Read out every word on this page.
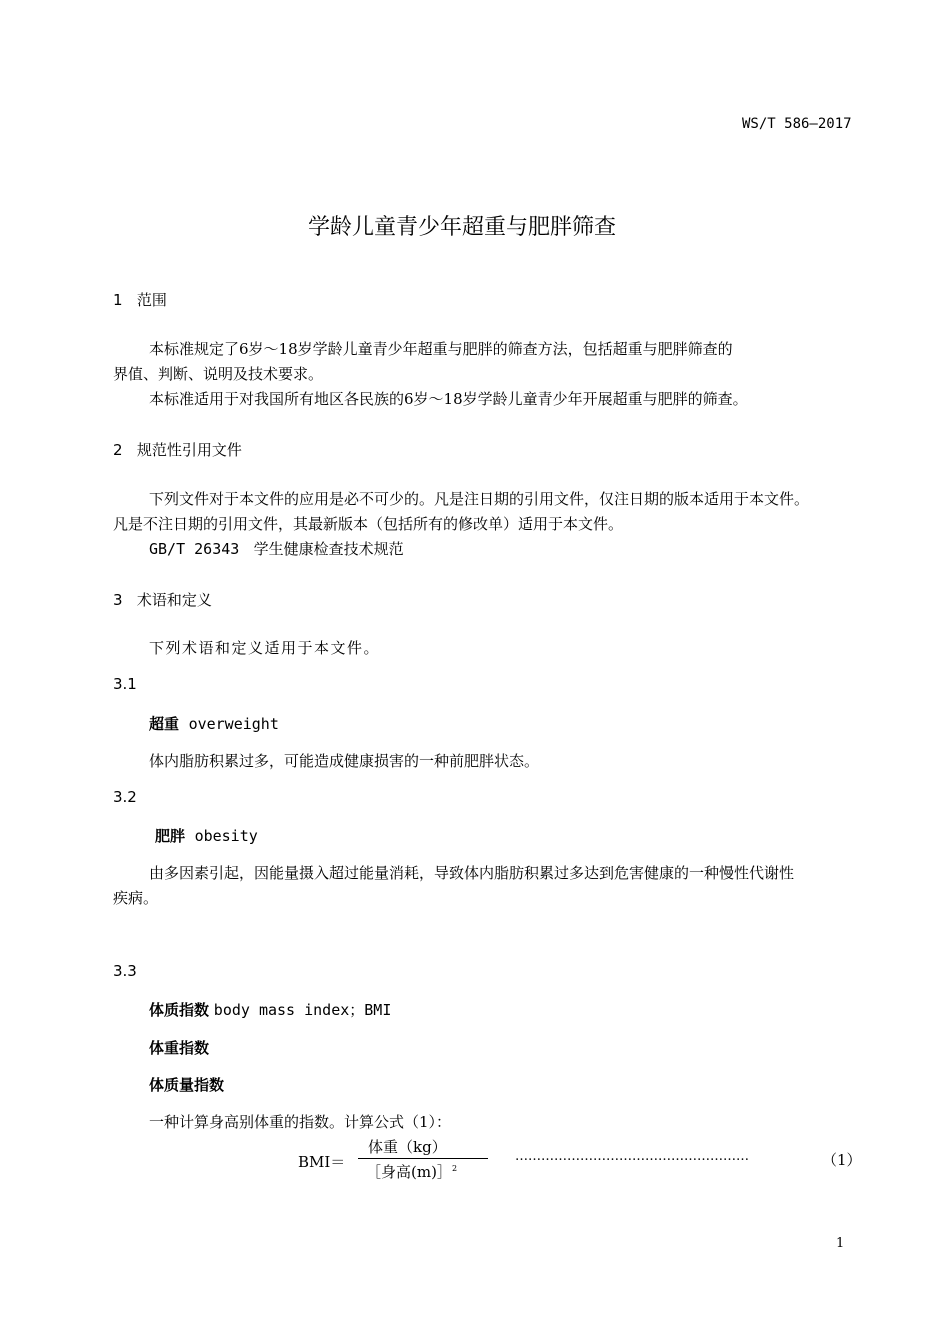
WS/T 586—2017
学龄儿童青少年超重与肥胖筛查
1 范围
本标准规定了6岁～18岁学龄儿童青少年超重与肥胖的筛查方法，包括超重与肥胖筛查的
界值、判断、说明及技术要求。
本标准适用于对我国所有地区各民族的6岁～18岁学龄儿童青少年开展超重与肥胖的筛查。
2 规范性引用文件
下列文件对于本文件的应用是必不可少的。凡是注日期的引用文件，仅注日期的版本适用于本文件。
凡是不注日期的引用文件，其最新版本（包括所有的修改单）适用于本文件。
GB/T 26343 学生健康检查技术规范
3 术语和定义
下列术语和定义适用于本文件。
3.1
超重 overweight
体内脂肪积累过多，可能造成健康损害的一种前肥胖状态。
3.2
肥胖 obesity
由多因素引起，因能量摄入超过能量消耗，导致体内脂肪积累过多达到危害健康的一种慢性代谢性
疾病。
3.3
体质指数 body mass index；BMI
体重指数
体质量指数
一种计算身高别体重的指数。计算公式（1）：
BMI＝
体重（kg）
［身高(m)］$^2$
………………………………………………	（1）
1
